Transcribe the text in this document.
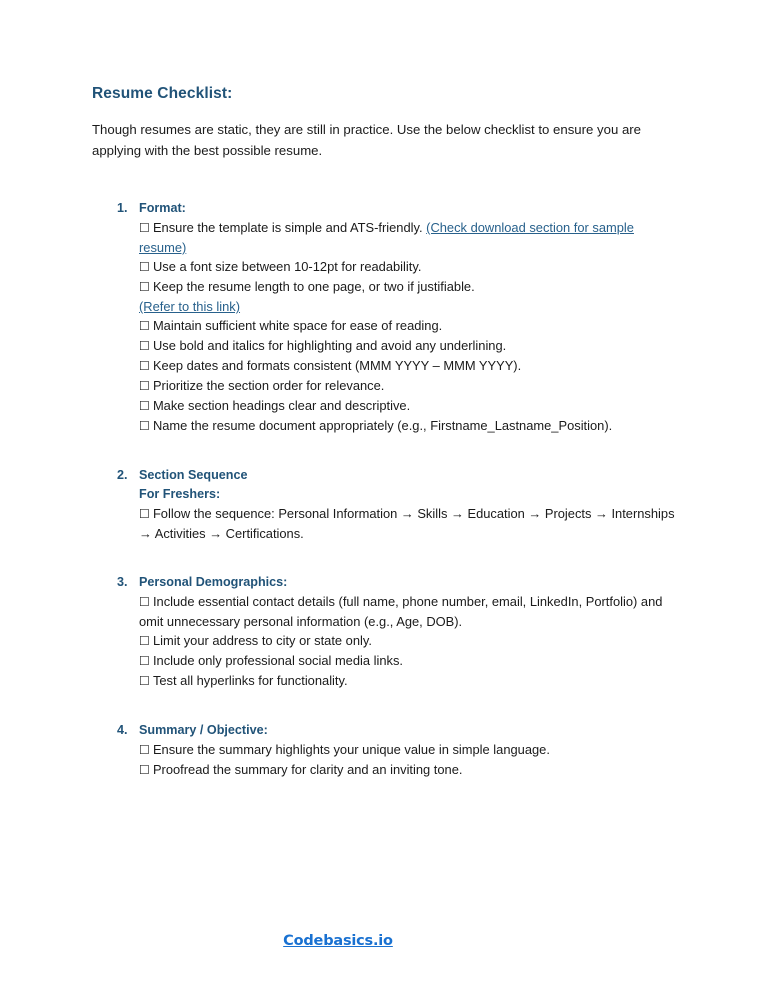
Resume Checklist:

Though resumes are static, they are still in practice. Use the below checklist to ensure you are applying with the best possible resume.

1. Format:
☐ Ensure the template is simple and ATS-friendly. (Check download section for sample resume)
☐ Use a font size between 10-12pt for readability.
☐ Keep the resume length to one page, or two if justifiable.
(Refer to this link)
☐ Maintain sufficient white space for ease of reading.
☐ Use bold and italics for highlighting and avoid any underlining.
☐ Keep dates and formats consistent (MMM YYYY – MMM YYYY).
☐ Prioritize the section order for relevance.
☐ Make section headings clear and descriptive.
☐ Name the resume document appropriately (e.g., Firstname_Lastname_Position).
2. Section Sequence
For Freshers:
☐ Follow the sequence: Personal Information → Skills → Education → Projects → Internships → Activities → Certifications.
3. Personal Demographics:
☐ Include essential contact details (full name, phone number, email, LinkedIn, Portfolio) and omit unnecessary personal information (e.g., Age, DOB).
☐ Limit your address to city or state only.
☐ Include only professional social media links.
☐ Test all hyperlinks for functionality.
4. Summary / Objective:
☐ Ensure the summary highlights your unique value in simple language.
☐ Proofread the summary for clarity and an inviting tone.
Codebasics.io
